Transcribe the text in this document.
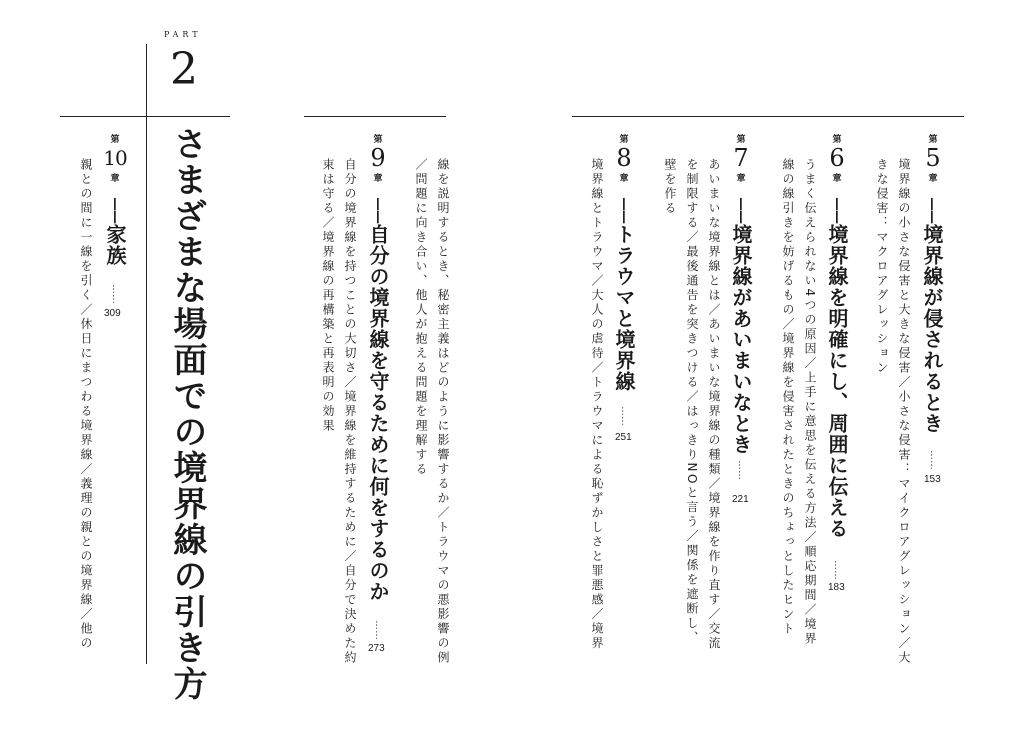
PART
2
さまざまな場面での境界線の引き方	第
5
章
──境界線が侵されるとき
……
153
境界線の小さな侵害と大きな侵害／小さな侵害：マイクロアグレッション／大
きな侵害：マクロアグレッション
第
6
章
──境界線を明確にし、周囲に伝える
……
183
うまく伝えられない4つの原因／上手に意思を伝える方法／順応期間／境界
線の線引きを妨げるもの／境界線を侵害されたときのちょっとしたヒント
第
7
章
──境界線があいまいなとき
……
221
あいまいな境界線とは／あいまいな境界線の種類／境界線を作り直す／交流
を制限する／最後通告を突きつける／はっきりNOと言う／関係を遮断し、
壁を作る
第
8
章
──トラウマと境界線
……
251
境界線とトラウマ／大人の虐待／トラウマによる恥ずかしさと罪悪感／境界
第
9
章
──自分の境界線を守るために何をするのか
……
273	線を説明するとき、秘密主義はどのように影響するか／トラウマの悪影響の例
／問題に向き合い、他人が抱える問題を理解する
自分の境界線を持つことの大切さ／境界線を維持するために／自分で決めた約
束は守る／境界線の再構築と再表明の効果
第
10
章
──家族
……
309
親との間に一線を引く／休日にまつわる境界線／義理の親との境界線／他の
